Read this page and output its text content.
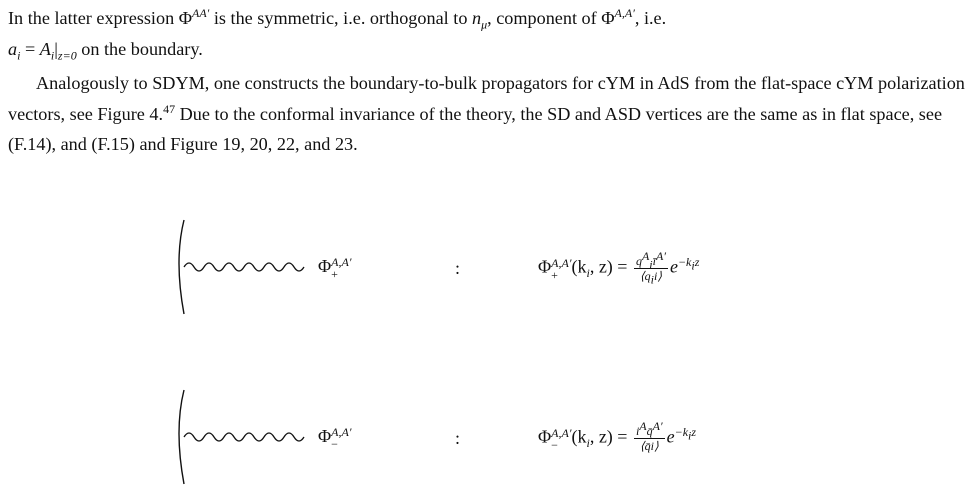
In the latter expression $\Phi^{AA'}$ is the symmetric, i.e. orthogonal to $n_\mu$, component of $\Phi^{A,A'}$, i.e.

$a_i = A_i|_{z=0}$ on the boundary.

Analogously to SDYM, one constructs the boundary-to-bulk propagators for cYM in AdS from the flat-space cYM polarization vectors, see Figure 4.47 Due to the conformal invariance of the theory, the SD and ASD vertices are the same as in flat space, see (F.14), and (F.15) and Figure 19, 20, 22, and 23.

Φ A,A′
+	:	Φ A,A′
+ ($k_i$, $z) = \frac{q^A_iī^{A'}}{⟨q_ii⟩} e^{-k_iz}$
Φ A,A′
−	:	Φ A,A′
− ($k_i$, $z) = \frac{i^Aq̄^{A'}}{⟨q̄i⟩} e^{-k_iz}$
